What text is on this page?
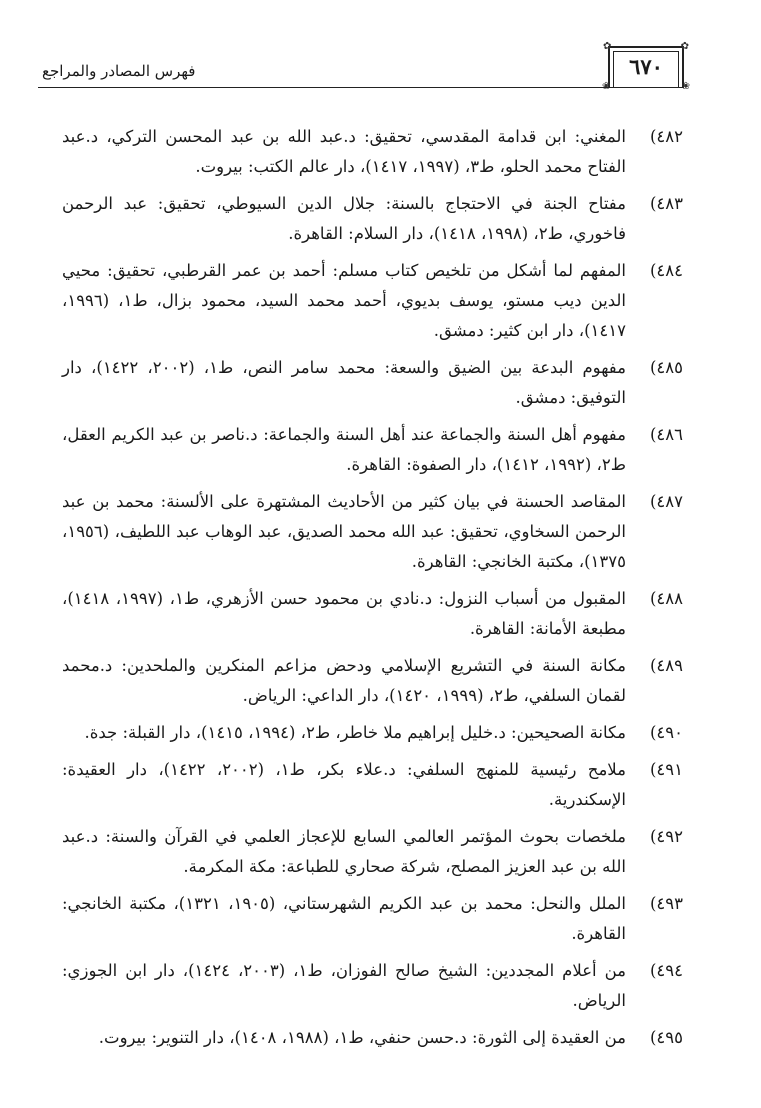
فهرس المصادر والمراجع
✿
✿
❀	❀
٦٧٠
٤٨٢)
المغني: ابن قدامة المقدسي، تحقيق: د.عبد الله بن عبد المحسن التركي، د.عبد الفتاح محمد الحلو، ط٣، (١٩٩٧، ١٤١٧)، دار عالم الكتب: بيروت.
٤٨٣)
مفتاح الجنة في الاحتجاج بالسنة: جلال الدين السيوطي، تحقيق: عبد الرحمن فاخوري، ط٢، (١٩٩٨، ١٤١٨)، دار السلام: القاهرة.
٤٨٤)
المفهم لما أشكل من تلخيص كتاب مسلم: أحمد بن عمر القرطبي، تحقيق: محيي الدين ديب مستو، يوسف بديوي، أحمد محمد السيد، محمود بزال، ط١، (١٩٩٦، ١٤١٧)، دار ابن كثير: دمشق.
٤٨٥)
مفهوم البدعة بين الضيق والسعة: محمد سامر النص، ط١، (٢٠٠٢، ١٤٢٢)، دار التوفيق: دمشق.
٤٨٦)
مفهوم أهل السنة والجماعة عند أهل السنة والجماعة: د.ناصر بن عبد الكريم العقل، ط٢، (١٩٩٢، ١٤١٢)، دار الصفوة: القاهرة.
٤٨٧)
المقاصد الحسنة في بيان كثير من الأحاديث المشتهرة على الألسنة: محمد بن عبد الرحمن السخاوي، تحقيق: عبد الله محمد الصديق، عبد الوهاب عبد اللطيف، (١٩٥٦، ١٣٧٥)، مكتبة الخانجي: القاهرة.
٤٨٨)
المقبول من أسباب النزول: د.نادي بن محمود حسن الأزهري، ط١، (١٩٩٧، ١٤١٨)، مطبعة الأمانة: القاهرة.
٤٨٩)
مكانة السنة في التشريع الإسلامي ودحض مزاعم المنكرين والملحدين: د.محمد لقمان السلفي، ط٢، (١٩٩٩، ١٤٢٠)، دار الداعي: الرياض.
٤٩٠)
مكانة الصحيحين: د.خليل إبراهيم ملا خاطر، ط٢، (١٩٩٤، ١٤١٥)، دار القبلة: جدة.
٤٩١)
ملامح رئيسية للمنهج السلفي: د.علاء بكر، ط١، (٢٠٠٢، ١٤٢٢)، دار العقيدة: الإسكندرية.
٤٩٢)
ملخصات بحوث المؤتمر العالمي السابع للإعجاز العلمي في القرآن والسنة: د.عبد الله بن عبد العزيز المصلح، شركة صحاري للطباعة: مكة المكرمة.
٤٩٣)
الملل والنحل: محمد بن عبد الكريم الشهرستاني، (١٩٠٥، ١٣٢١)، مكتبة الخانجي: القاهرة.
٤٩٤)
من أعلام المجددين: الشيخ صالح الفوزان، ط١، (٢٠٠٣، ١٤٢٤)، دار ابن الجوزي: الرياض.
٤٩٥)
من العقيدة إلى الثورة: د.حسن حنفي، ط١، (١٩٨٨، ١٤٠٨)، دار التنوير: بيروت.
